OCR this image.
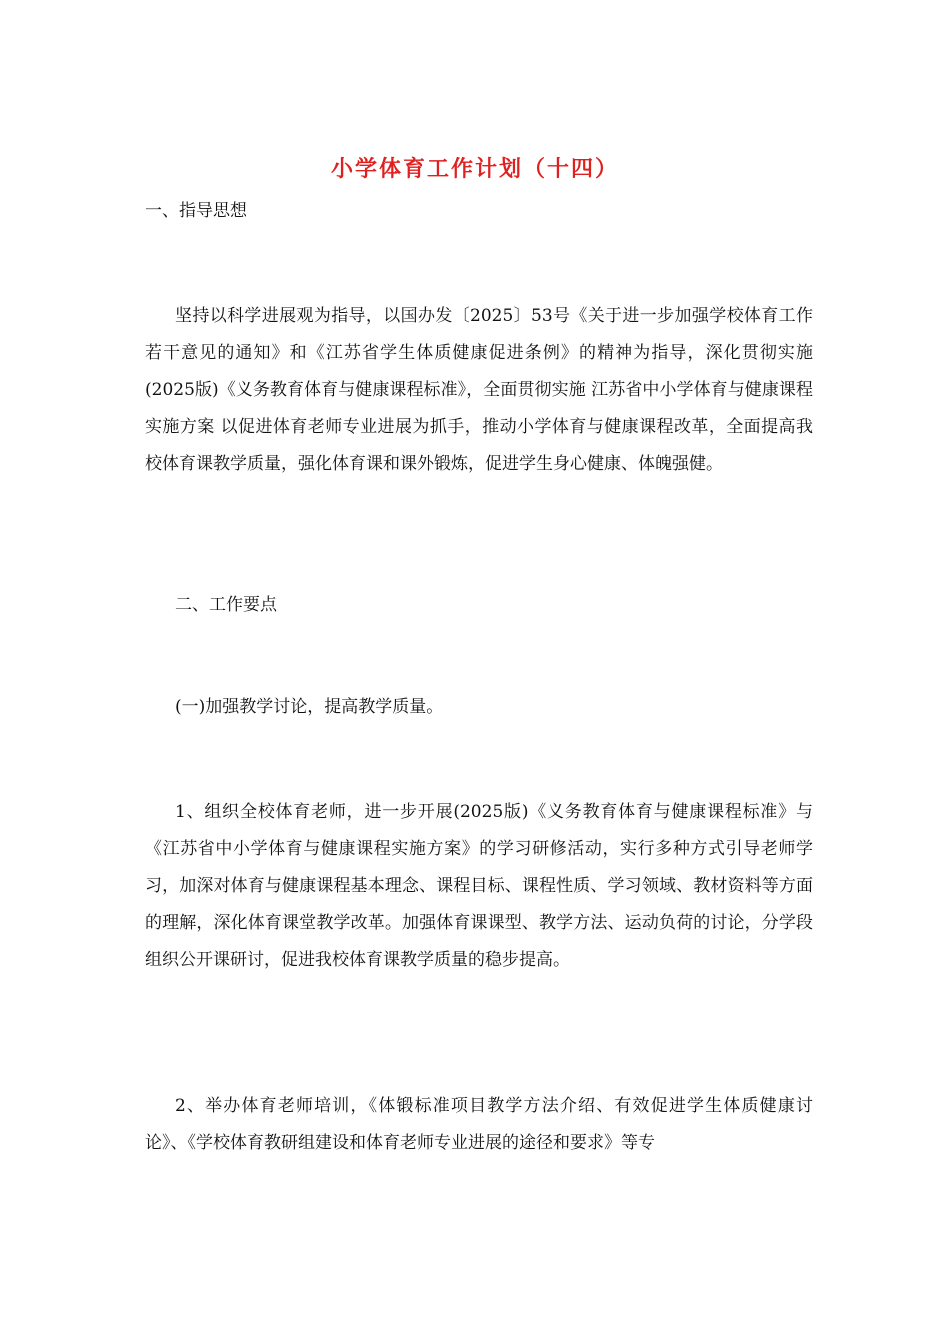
小学体育工作计划（十四）
一、指导思想
坚持以科学进展观为指导，以国办发〔2025〕53号《关于进一步加强学校体育工作若干意见的通知》和《江苏省学生体质健康促进条例》的精神为指导，深化贯彻实施(2025版)《义务教育体育与健康课程标准》，全面贯彻实施 江苏省中小学体育与健康课程实施方案 以促进体育老师专业进展为抓手，推动小学体育与健康课程改革，全面提高我校体育课教学质量，强化体育课和课外锻炼，促进学生身心健康、体魄强健。
二、工作要点
(一)加强教学讨论，提高教学质量。
1、组织全校体育老师，进一步开展(2025版)《义务教育体育与健康课程标准》与《江苏省中小学体育与健康课程实施方案》的学习研修活动，实行多种方式引导老师学习，加深对体育与健康课程基本理念、课程目标、课程性质、学习领域、教材资料等方面的理解，深化体育课堂教学改革。加强体育课课型、教学方法、运动负荷的讨论，分学段组织公开课研讨，促进我校体育课教学质量的稳步提高。
2、举办体育老师培训，《体锻标准项目教学方法介绍、有效促进学生体质健康讨论》、《学校体育教研组建设和体育老师专业进展的途径和要求》等专
